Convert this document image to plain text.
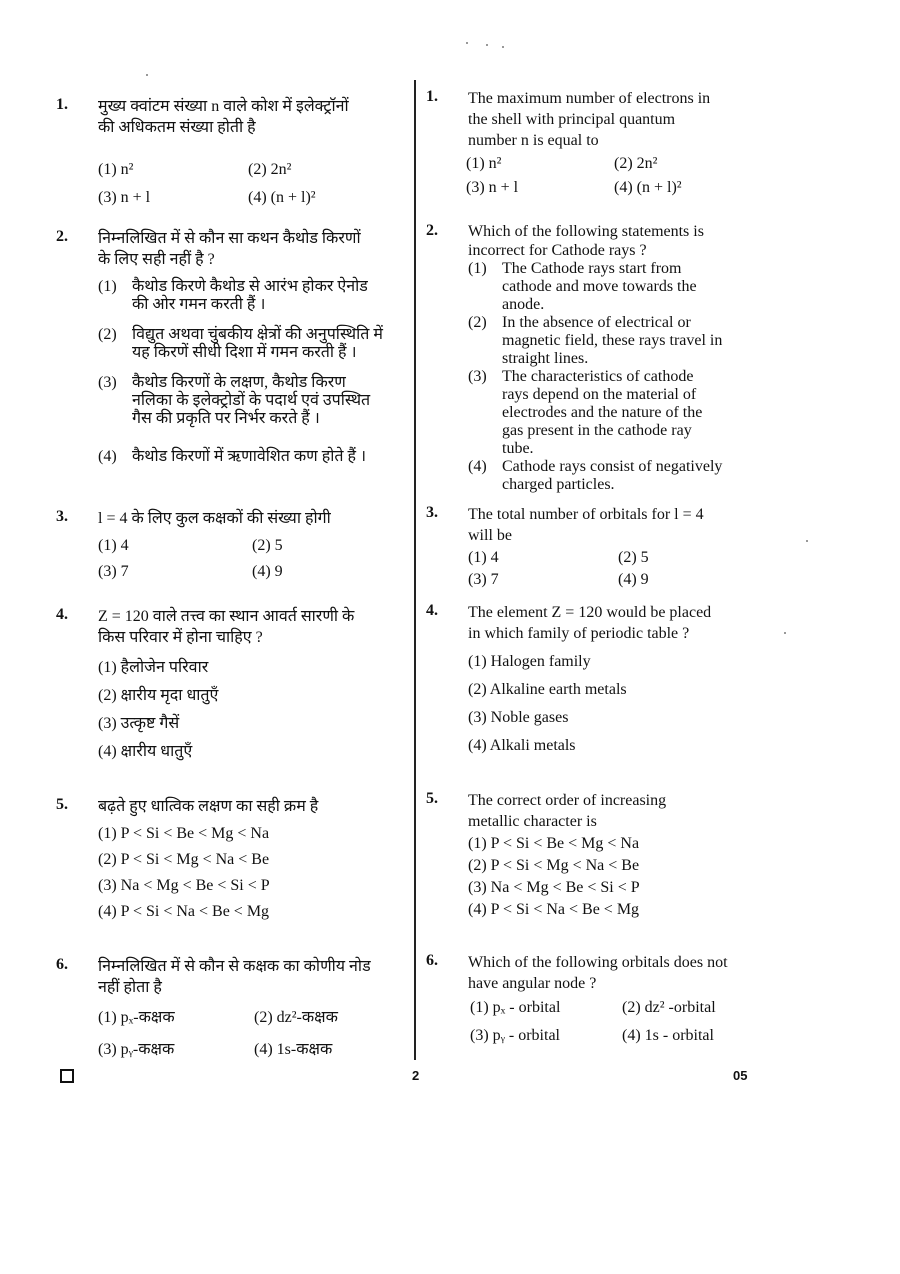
1. मुख्य क्वांटम संख्या n वाले कोश में इलेक्ट्रॉनों
की अधिकतम संख्या होती है
(1) n²	(2) 2n²
(3) n + l	(4) (n + l)²
2. निम्नलिखित में से कौन सा कथन कैथोड किरणों
के लिए सही नहीं है ?
(1) कैथोड किरणे कैथोड से आरंभ होकर ऐनोड
की ओर गमन करती हैं ।
(2) विद्युत अथवा चुंबकीय क्षेत्रों की अनुपस्थिति में
यह किरणें सीधी दिशा में गमन करती हैं ।
(3) कैथोड किरणों के लक्षण, कैथोड किरण
नलिका के इलेक्ट्रोडों के पदार्थ एवं उपस्थित
गैस की प्रकृति पर निर्भर करते हैं ।
(4) कैथोड किरणों में ऋणावेशित कण होते हैं ।
3. l = 4 के लिए कुल कक्षकों की संख्या होगी
(1) 4	(2) 5
(3) 7	(4) 9
4. Z = 120 वाले तत्त्व का स्थान आवर्त सारणी के
किस परिवार में होना चाहिए ?
(1) हैलोजेन परिवार
(2) क्षारीय मृदा धातुएँ
(3) उत्कृष्ट गैसें
(4) क्षारीय धातुएँ
5. बढ़ते हुए धात्विक लक्षण का सही क्रम है
(1) P < Si < Be < Mg < Na
(2) P < Si < Mg < Na < Be
(3) Na < Mg < Be < Si < P
(4) P < Si < Na < Be < Mg
6. निम्नलिखित में से कौन से कक्षक का कोणीय नोड
नहीं होता है
(1) pₓ-कक्षक	(2) dz²-कक्षक
(3) pᵧ-कक्षक	(4) 1s-कक्षक
1. The maximum number of electrons in
the shell with principal quantum
number n is equal to
(1) n²	(2) 2n²
(3) n + l	(4) (n + l)²
2. Which of the following statements is
incorrect for Cathode rays ?
(1) The Cathode rays start from
cathode and move towards the
anode.
(2) In the absence of electrical or
magnetic field, these rays travel in
straight lines.
(3) The characteristics of cathode
rays depend on the material of
electrodes and the nature of the
gas present in the cathode ray
tube.
(4) Cathode rays consist of negatively
charged particles.
3. The total number of orbitals for l = 4
will be
(1) 4	(2) 5
(3) 7	(4) 9
4. The element Z = 120 would be placed
in which family of periodic table ?
(1) Halogen family
(2) Alkaline earth metals
(3) Noble gases
(4) Alkali metals
5. The correct order of increasing
metallic character is
(1) P < Si < Be < Mg < Na
(2) P < Si < Mg < Na < Be
(3) Na < Mg < Be < Si < P
(4) P < Si < Na < Be < Mg
6. Which of the following orbitals does not
have angular node ?
(1) pₓ - orbital	(2) dz² -orbital
(3) pᵧ - orbital	(4) 1s - orbital
2	05
